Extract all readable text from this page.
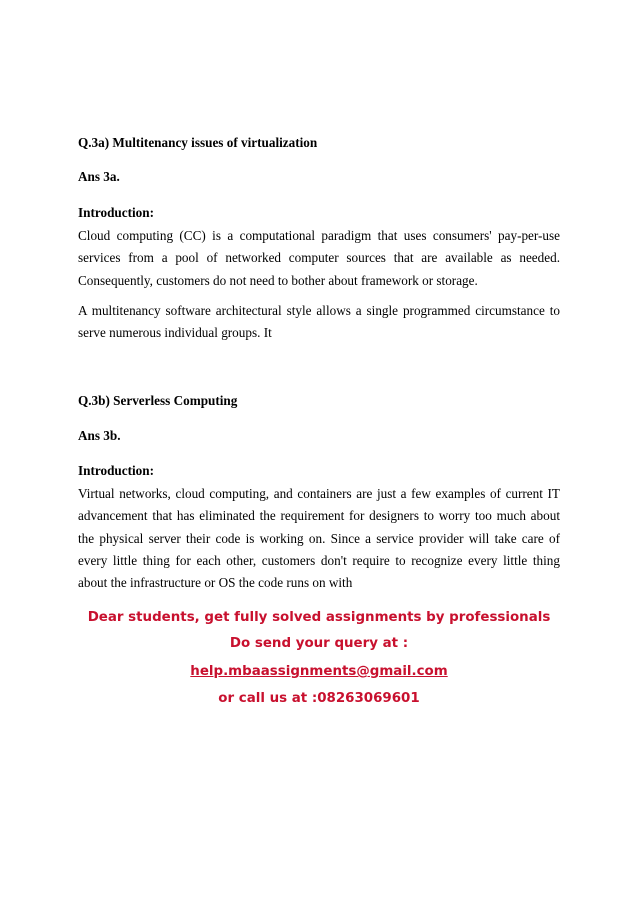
Q.3a) Multitenancy issues of virtualization

Ans 3a.

Introduction:

Cloud computing (CC) is a computational paradigm that uses consumers' pay-per-use services from a pool of networked computer sources that are available as needed. Consequently, customers do not need to bother about framework or storage.

A multitenancy software architectural style allows a single programmed circumstance to serve numerous individual groups. It

Q.3b) Serverless Computing

Ans 3b.

Introduction:

Virtual networks, cloud computing, and containers are just a few examples of current IT advancement that has eliminated the requirement for designers to worry too much about the physical server their code is working on. Since a service provider will take care of every little thing for each other, customers don't require to recognize every little thing about the infrastructure or OS the code runs on with

Dear students, get fully solved assignments by professionals
Do send your query at :
help.mbaassignments@gmail.com
or call us at :08263069601
